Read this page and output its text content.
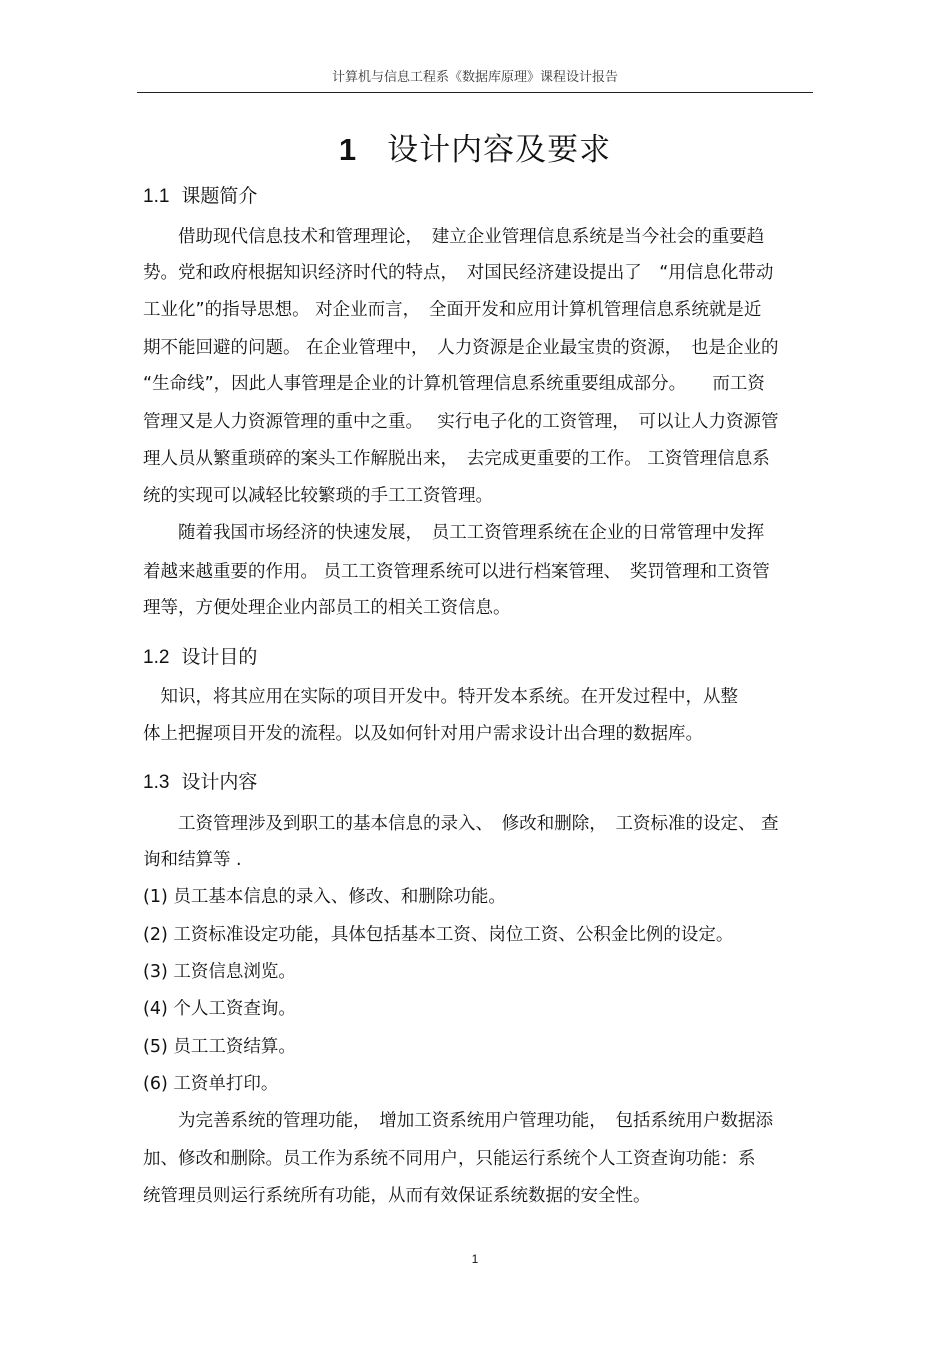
计算机与信息工程系《数据库原理》课程设计报告
1 设计内容及要求
1.1 课题简介
　　借助现代信息技术和管理理论，　建立企业管理信息系统是当今社会的重要趋
势。党和政府根据知识经济时代的特点，　对国民经济建设提出了　“用信息化带动
工业化”的指导思想。 对企业而言，　全面开发和应用计算机管理信息系统就是近
期不能回避的问题。 在企业管理中，　人力资源是企业最宝贵的资源，　也是企业的
“生命线”，因此人事管理是企业的计算机管理信息系统重要组成部分。　　而工资
管理又是人力资源管理的重中之重。　 实行电子化的工资管理，　可以让人力资源管
理人员从繁重琐碎的案头工作解脱出来，　去完成更重要的工作。 工资管理信息系
统的实现可以减轻比较繁琐的手工工资管理。
　　随着我国市场经济的快速发展，　员工工资管理系统在企业的日常管理中发挥
着越来越重要的作用。 员工工资管理系统可以进行档案管理、　奖罚管理和工资管
理等，方便处理企业内部员工的相关工资信息。
1.2 设计目的
　知识，将其应用在实际的项目开发中。特开发本系统。在开发过程中，从整
体上把握项目开发的流程。以及如何针对用户需求设计出合理的数据库。
1.3 设计内容
　　工资管理涉及到职工的基本信息的录入、　修改和删除，　工资标准的设定、 查
询和结算等 .
(1) 员工基本信息的录入、修改、和删除功能。
(2) 工资标准设定功能，具体包括基本工资、岗位工资、公积金比例的设定。
(3) 工资信息浏览。
(4) 个人工资查询。
(5) 员工工资结算。
(6) 工资单打印。
　　为完善系统的管理功能，　增加工资系统用户管理功能，　包括系统用户数据添
加、修改和删除。员工作为系统不同用户，只能运行系统个人工资查询功能：系
统管理员则运行系统所有功能，从而有效保证系统数据的安全性。
1
